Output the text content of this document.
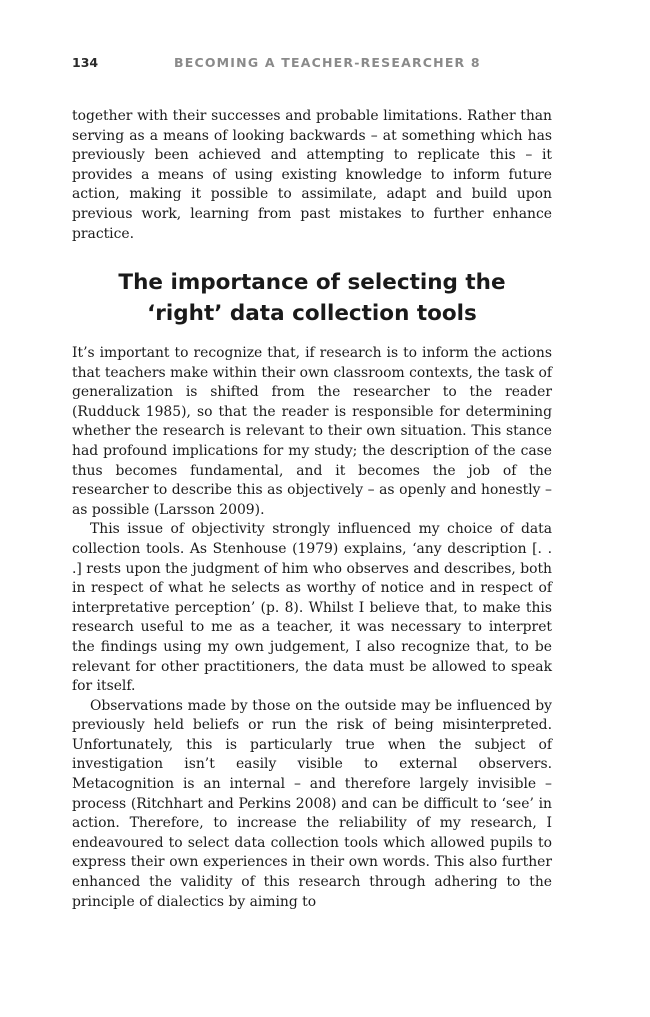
134	BECOMING A TEACHER-RESEARCHER 8

together with their successes and probable limitations. Rather than serving as a means of looking backwards – at something which has previously been achieved and attempting to replicate this – it provides a means of using existing knowledge to inform future action, making it possible to assimilate, adapt and build upon previous work, learning from past mistakes to further enhance practice.

The importance of selecting the
‘right’ data collection tools

It’s important to recognize that, if research is to inform the actions that teachers make within their own classroom contexts, the task of generalization is shifted from the researcher to the reader (Rudduck 1985), so that the reader is responsible for determining whether the research is relevant to their own situation. This stance had profound implications for my study; the description of the case thus becomes fundamental, and it becomes the job of the researcher to describe this as objectively – as openly and honestly – as possible (Larsson 2009).

This issue of objectivity strongly influenced my choice of data collection tools. As Stenhouse (1979) explains, ‘any description [. . .] rests upon the judgment of him who observes and describes, both in respect of what he selects as worthy of notice and in respect of interpretative perception’ (p. 8). Whilst I believe that, to make this research useful to me as a teacher, it was necessary to interpret the findings using my own judgement, I also recognize that, to be relevant for other practitioners, the data must be allowed to speak for itself.

Observations made by those on the outside may be influenced by previously held beliefs or run the risk of being misinterpreted. Unfortunately, this is particularly true when the subject of investigation isn’t easily visible to external observers. Metacognition is an internal – and therefore largely invisible – process (Ritchhart and Perkins 2008) and can be difficult to ‘see’ in action. Therefore, to increase the reliability of my research, I endeavoured to select data collection tools which allowed pupils to express their own experiences in their own words. This also further enhanced the validity of this research through adhering to the principle of dialectics by aiming to
